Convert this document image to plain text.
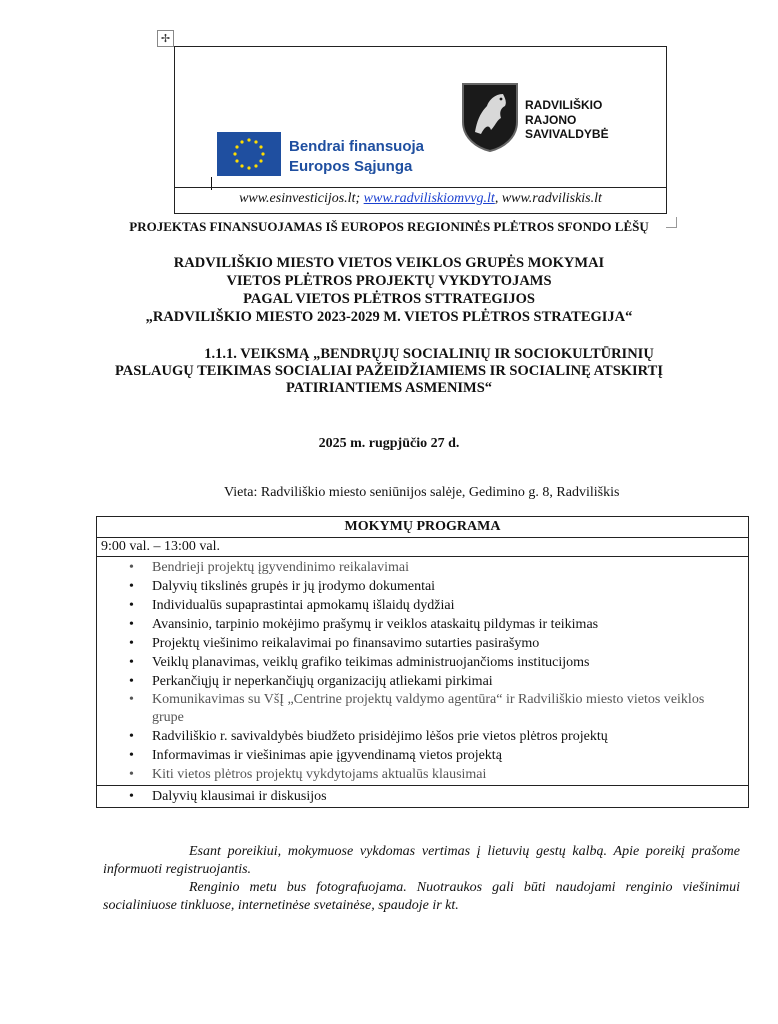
✢
Bendrai finansuoja
Europos Sąjunga
RADVILIŠKIO
RAJONO
SAVIVALDYBĖ
www.esinvesticijos.lt; www.radviliskiomvvg.lt, www.radviliskis.lt
PROJEKTAS FINANSUOJAMAS IŠ EUROPOS REGIONINĖS PLĖTROS SFONDO LĖŠŲ
RADVILIŠKIO MIESTO VIETOS VEIKLOS GRUPĖS MOKYMAI
VIETOS PLĖTROS PROJEKTŲ VYKDYTOJAMS
PAGAL VIETOS PLĖTROS STTRATEGIJOS
„RADVILIŠKIO MIESTO 2023-2029 M. VIETOS PLĖTROS STRATEGIJA“
1.1.1. VEIKSMĄ „BENDRŲJŲ SOCIALINIŲ IR SOCIOKULTŪRINIŲ
PASLAUGŲ TEIKIMAS SOCIALIAI PAŽEIDŽIAMIEMS IR SOCIALINĘ ATSKIRTĮ
PATIRIANTIEMS ASMENIMS“
2025 m. rugpjūčio 27 d.
Vieta: Radviliškio miesto seniūnijos salėje, Gedimino g. 8, Radviliškis
MOKYMŲ PROGRAMA
9:00 val. – 13:00 val.
• Bendrieji projektų įgyvendinimo reikalavimai
• Dalyvių tikslinės grupės ir jų įrodymo dokumentai
• Individualūs supaprastintai apmokamų išlaidų dydžiai
• Avansinio, tarpinio mokėjimo prašymų ir veiklos ataskaitų pildymas ir teikimas
• Projektų viešinimo reikalavimai po finansavimo sutarties pasirašymo
• Veiklų planavimas, veiklų grafiko teikimas administruojančioms institucijoms
• Perkančiųjų ir neperkančiųjų organizacijų atliekami pirkimai
• Komunikavimas su VšĮ „Centrine projektų valdymo agentūra“ ir Radviliškio miesto vietos veiklos grupe
• Radviliškio r. savivaldybės biudžeto prisidėjimo lėšos prie vietos plėtros projektų
• Informavimas ir viešinimas apie įgyvendinamą vietos projektą
• Kiti vietos plėtros projektų vykdytojams aktualūs klausimai
• Dalyvių klausimai ir diskusijos

Esant poreikiui, mokymuose vykdomas vertimas į lietuvių gestų kalbą. Apie poreikį prašome informuoti registruojantis.

Renginio metu bus fotografuojama. Nuotraukos gali būti naudojami renginio viešinimui socialiniuose tinkluose, internetinėse svetainėse, spaudoje ir kt.
